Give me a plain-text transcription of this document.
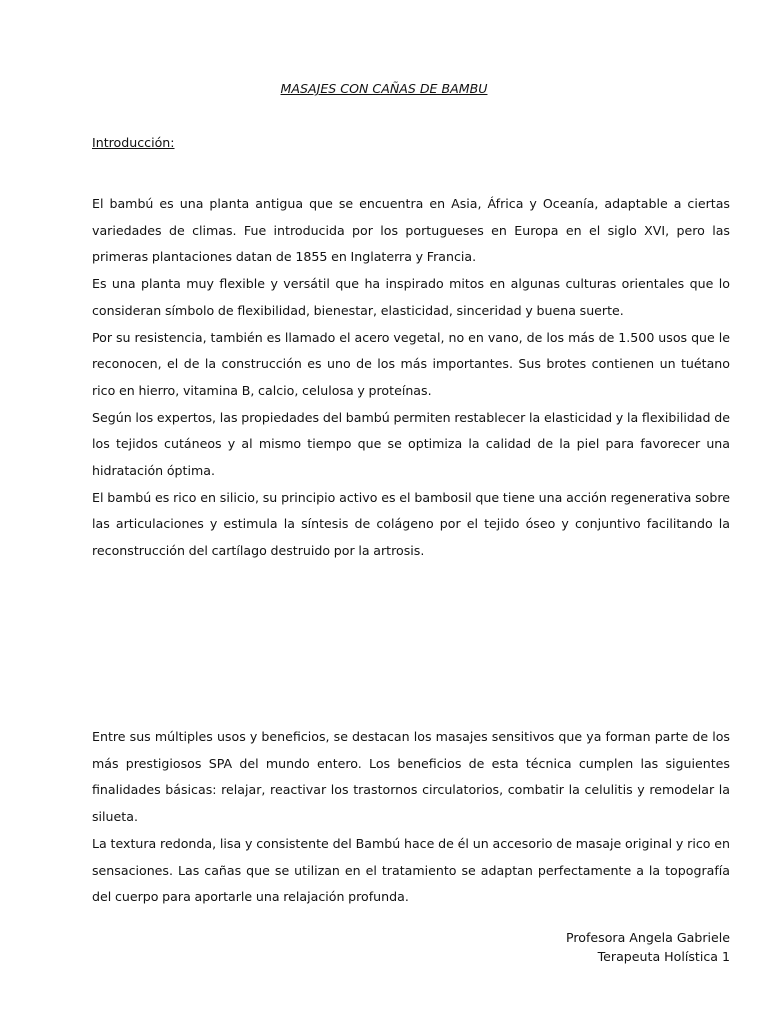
MASAJES CON CAÑAS DE BAMBU
Introducción:

El bambú es una planta antigua que se encuentra en Asia, África y Oceanía, adaptable a ciertas variedades de climas. Fue introducida por los portugueses en Europa en el siglo XVI, pero las primeras plantaciones datan de 1855 en Inglaterra y Francia.

Es una planta muy flexible y versátil que ha inspirado mitos en algunas culturas orientales que lo consideran símbolo de flexibilidad, bienestar, elasticidad, sinceridad y buena suerte.

Por su resistencia, también es llamado el acero vegetal, no en vano, de los más de 1.500 usos que le reconocen, el de la construcción es uno de los más importantes. Sus brotes contienen un tuétano rico en hierro, vitamina B, calcio, celulosa y proteínas.

Según los expertos, las propiedades del bambú permiten restablecer la elasticidad y la flexibilidad de los tejidos cutáneos y al mismo tiempo que se optimiza la calidad de la piel para favorecer una hidratación óptima.

El bambú es rico en silicio, su principio activo es el bambosil que tiene una acción regenerativa sobre las articulaciones y estimula la síntesis de colágeno por el tejido óseo y conjuntivo facilitando la reconstrucción del cartílago destruido por la artrosis.

Entre sus múltiples usos y beneficios, se destacan los masajes sensitivos que ya forman parte de los más prestigiosos SPA del mundo entero. Los beneficios de esta técnica cumplen las siguientes finalidades básicas: relajar, reactivar los trastornos circulatorios, combatir la celulitis y remodelar la silueta.

La textura redonda, lisa y consistente del Bambú hace de él un accesorio de masaje original y rico en sensaciones. Las cañas que se utilizan en el tratamiento se adaptan perfectamente a la topografía del cuerpo para aportarle una relajación profunda.

Profesora Angela Gabriele
Terapeuta Holística 1
